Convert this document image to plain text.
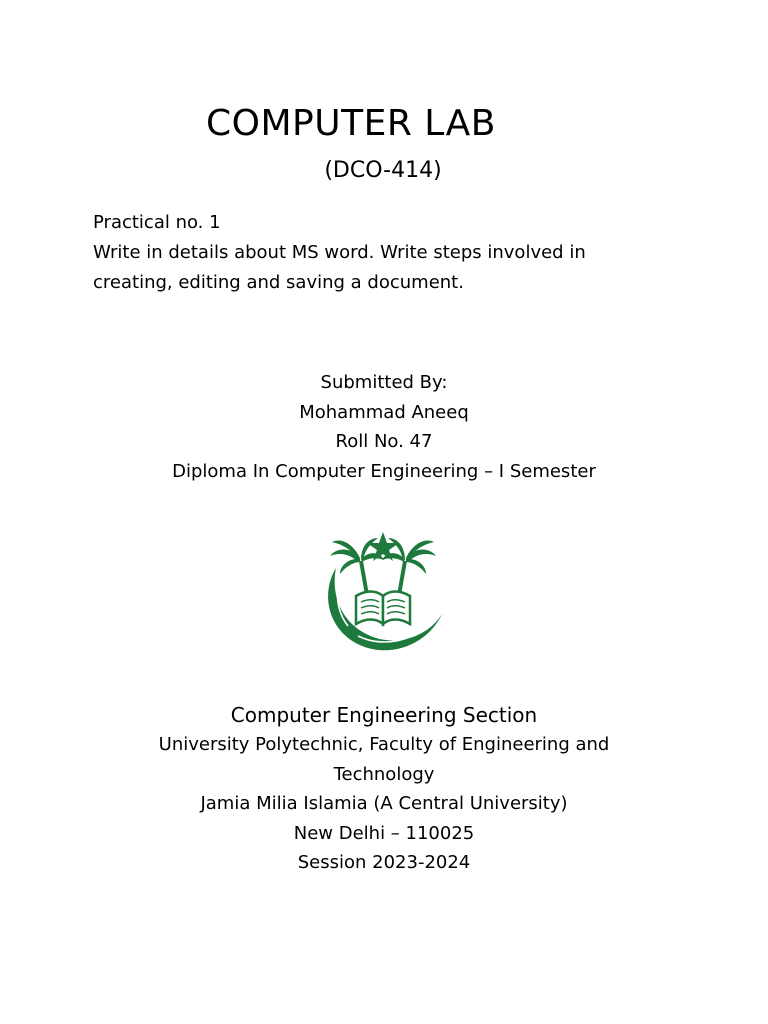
COMPUTER LAB
(DCO-414)
Practical no. 1
Write in details about MS word. Write steps involved in
creating, editing and saving a document.
Submitted By:
Mohammad Aneeq
Roll No. 47
Diploma In Computer Engineering – I Semester
Computer Engineering Section
University Polytechnic, Faculty of Engineering and
Technology
Jamia Milia Islamia (A Central University)
New Delhi – 110025
Session 2023-2024
